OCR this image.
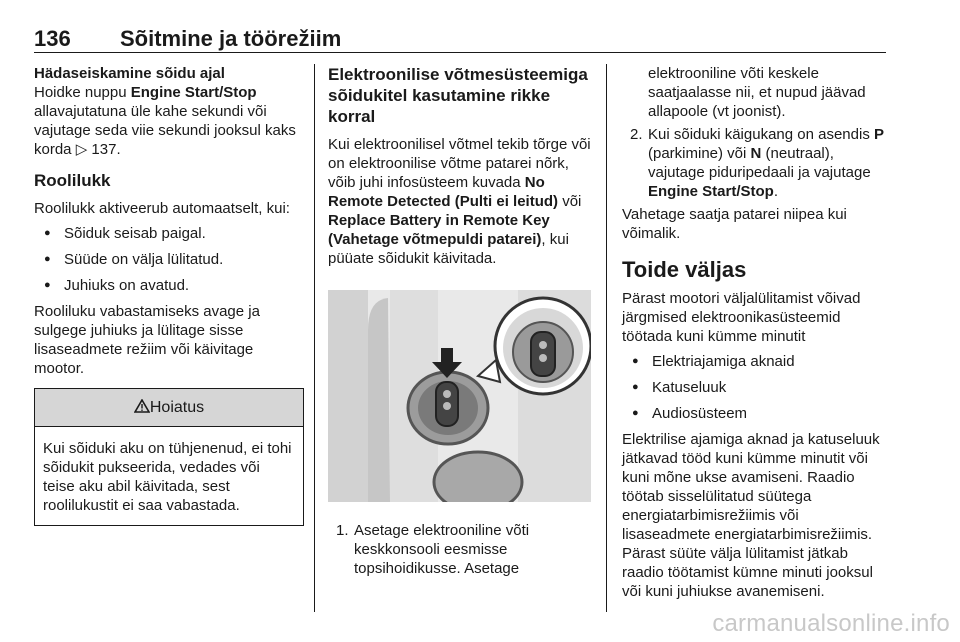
136	Sõitmine ja töörežiim
Hädaseiskamine sõidu ajal

Hoidke nuppu Engine Start/Stop allavajutatuna üle kahe sekundi või vajutage seda viie sekundi jooksul kaks korda ▷ 137.

Roolilukk

Roolilukk aktiveerub automaatselt, kui:

● Sõiduk seisab paigal.
● Süüde on välja lülitatud.
● Juhiuks on avatud.

Rooliluku vabastamiseks avage ja sulgege juhiuks ja lülitage sisse lisaseadmete režiim või käivitage mootor.

Hoiatus
Kui sõiduki aku on tühjenenud, ei tohi sõidukit pukseerida, vedades või teise aku abil käivitada, sest roolilukustit ei saa vabastada.
Elektroonilise võtmesüsteemiga sõidukitel kasutamine rikke korral

Kui elektroonilisel võtmel tekib tõrge või on elektroonilise võtme patarei nõrk, võib juhi infosüsteem kuvada No Remote Detected (Pulti ei leitud) või Replace Battery in Remote Key (Vahetage võtmepuldi patarei), kui püüate sõidukit käivitada.

1. Asetage elektrooniline võti keskkonsooli eesmisse topsihoidikusse. Asetage
elektrooniline võti keskele saatjaalasse nii, et nupud jäävad allapoole (vt joonist).
2. Kui sõiduki käigukang on asendis P (parkimine) või N (neutraal), vajutage piduripedaali ja vajutage Engine Start/Stop.

Vahetage saatja patarei niipea kui võimalik.

Toide väljas

Pärast mootori väljalülitamist võivad järgmised elektroonikasüsteemid töötada kuni kümme minutit

● Elektriajamiga aknaid
● Katuseluuk
● Audiosüsteem

Elektrilise ajamiga aknad ja katuseluuk jätkavad tööd kuni kümme minutit või kuni mõne ukse avamiseni. Raadio töötab sisselülitatud süütega energiatarbimisrežiimis või lisaseadmete energiatarbimisrežiimis. Pärast süüte välja lülitamist jätkab raadio töötamist kümne minuti jooksul või kuni juhiukse avanemiseni.

carmanualsonline.info
